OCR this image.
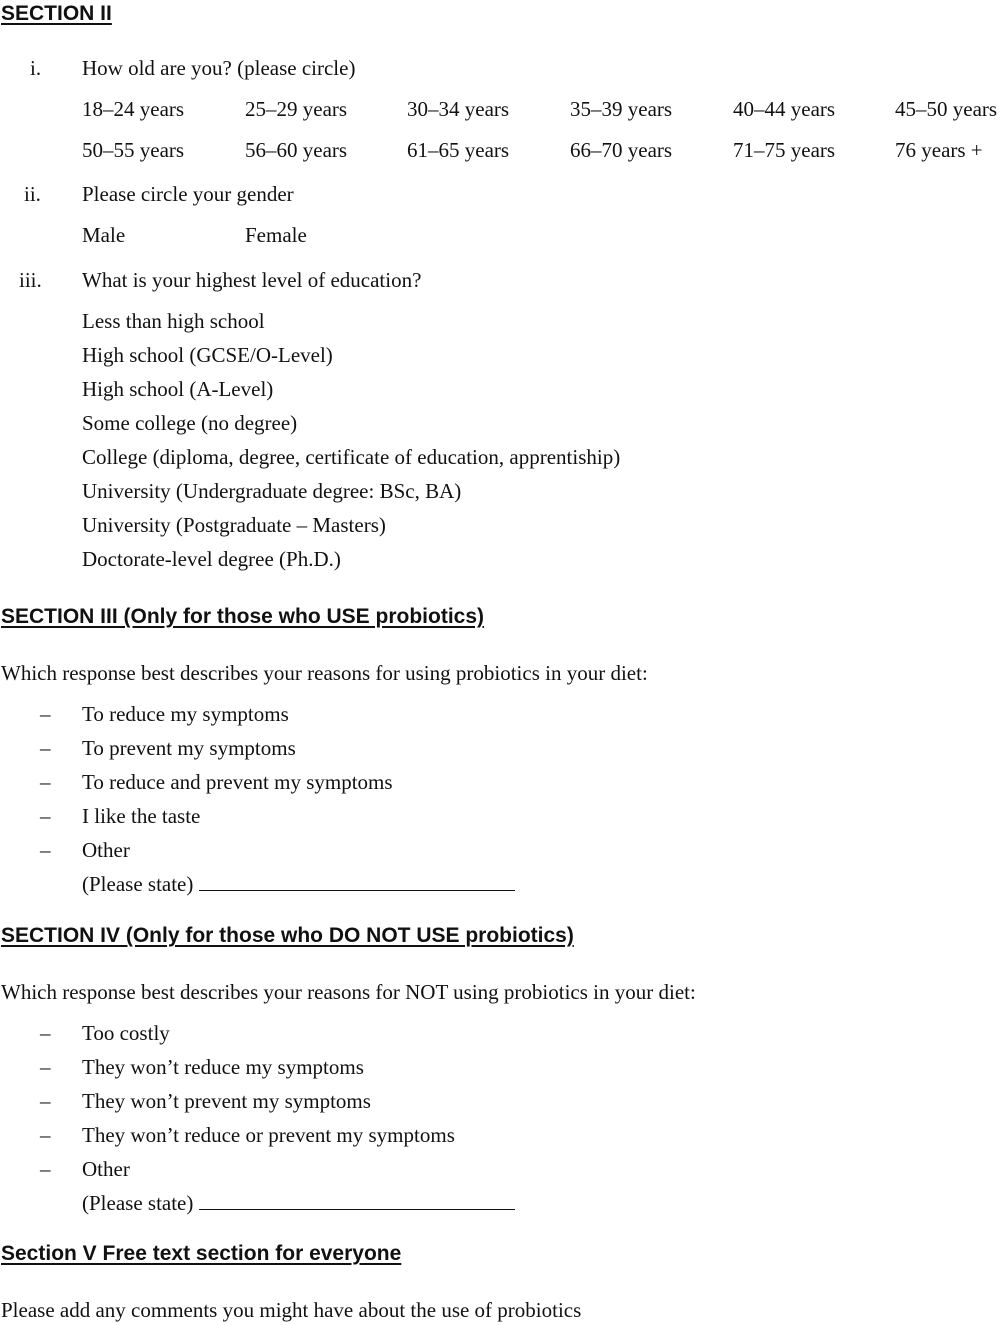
SECTION II
i. How old are you? (please circle)
18–24 years	25–29 years	30–34 years	35–39 years	40–44 years	45–50 years
50–55 years	56–60 years	61–65 years	66–70 years	71–75 years	76 years +
ii. Please circle your gender
Male	Female
iii. What is your highest level of education?
Less than high school
High school (GCSE/O-Level)
High school (A-Level)
Some college (no degree)
College (diploma, degree, certificate of education, apprentiship)
University (Undergraduate degree: BSc, BA)
University (Postgraduate – Masters)
Doctorate-level degree (Ph.D.)
SECTION III (Only for those who USE probiotics)
Which response best describes your reasons for using probiotics in your diet:
– To reduce my symptoms
– To prevent my symptoms
– To reduce and prevent my symptoms
– I like the taste
– Other
(Please state)
SECTION IV (Only for those who DO NOT USE probiotics)
Which response best describes your reasons for NOT using probiotics in your diet:
– Too costly
– They won’t reduce my symptoms
– They won’t prevent my symptoms
– They won’t reduce or prevent my symptoms
– Other
(Please state)
Section V Free text section for everyone
Please add any comments you might have about the use of probiotics
